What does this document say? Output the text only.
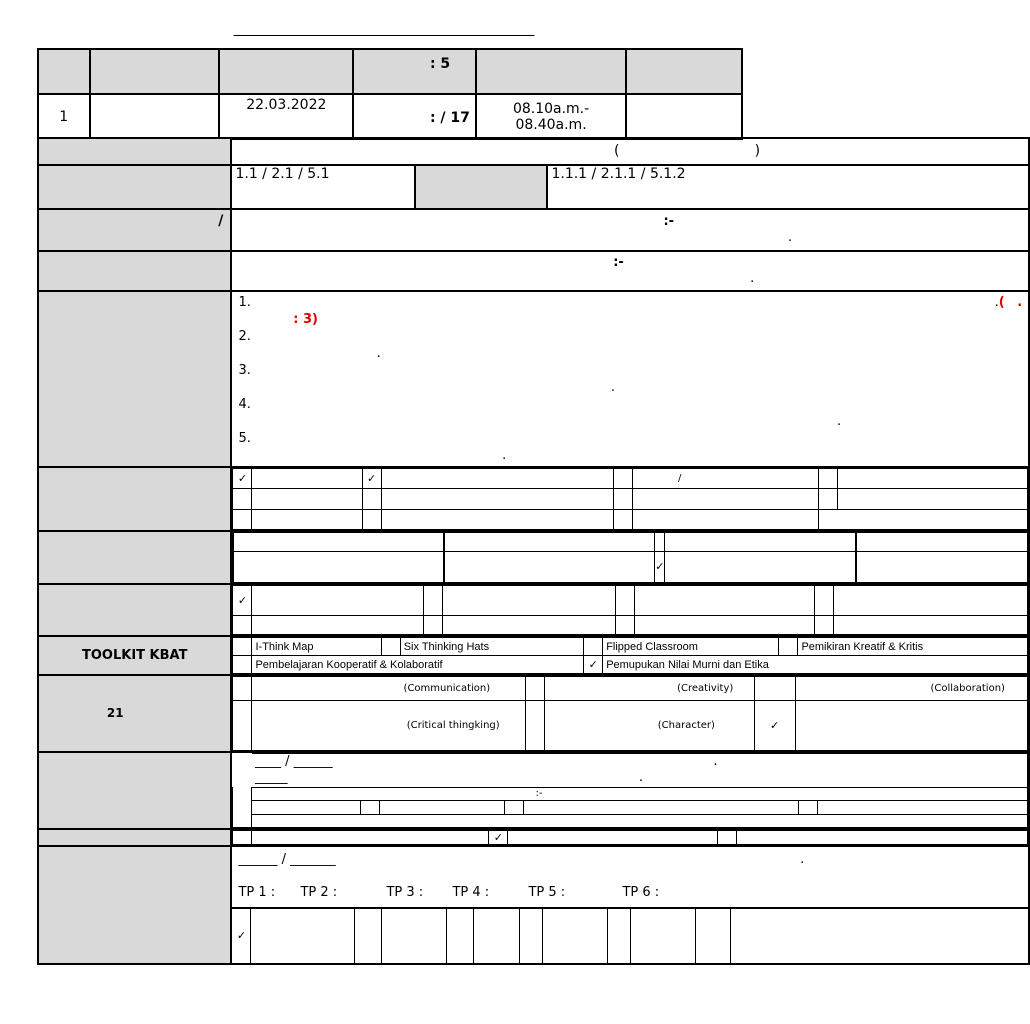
ᅟᅟᅟᅟ ᅟᅟᅟᅟᅟᅟᅟᅟᅟᅟᅟᅟᅟᅟ
ᅟᅟᅟ ᅟᅟ	ᅟᅟᅟᅟ	ᅟᅟᅟᅟ	ᅟᅟᅟᅟᅟ : 5
ᅟᅟᅟᅟᅟ	ᅟᅟᅟᅟᅟ	ᅟᅟᅟᅟᅟ
1	ᅟᅟᅟᅟᅟᅟᅟᅟᅟ	22.03.2022	ᅟᅟᅟᅟᅟ : / 17	08.10a.m.- 08.40a.m.	ᅟᅟᅟᅟᅟᅟᅟᅟ ᅟᅟ
ᅟᅟᅟᅟᅟᅟᅟᅟ	ᅟᅟᅟᅟᅟᅟᅟᅟᅟᅟᅟ ᅟᅟᅟᅟᅟᅟᅟᅟ ᅟᅟᅟᅟᅟᅟᅟᅟ (ᅟᅟᅟᅟᅟᅟᅟᅟᅟᅟ)
ᅟᅟᅟᅟᅟᅟᅟᅟᅟᅟᅟᅟᅟᅟ ᅟᅟᅟ	
1.1 / 2.1 / 5.1	ᅟᅟᅟᅟᅟᅟᅟ ᅟᅟᅟᅟᅟ	1.1.1 / 2.1.1 / 5.1.2

ᅟᅟᅟᅟᅟᅟᅟ ᅟᅟᅟᅟᅟ / ᅟᅟᅟᅟᅟᅟᅟᅟᅟ	ᅟᅟᅟᅟᅟᅟᅟ ᅟᅟᅟᅟᅟᅟᅟᅟᅟᅟᅟᅟᅟᅟ ᅟᅟᅟᅟᅟᅟᅟᅟᅟᅟᅟᅟ :-
ᅟᅟᅟᅟᅟᅟᅟᅟᅟ ᅟᅟᅟᅟᅟᅟᅟᅟᅟᅟᅟ ᅟᅟᅟᅟᅟᅟᅟᅟᅟᅟᅟᅟᅟᅟᅟ ᅟᅟᅟᅟᅟᅟᅟᅟ.
ᅟᅟᅟᅟᅟᅟᅟᅟ ᅟᅟᅟᅟᅟᅟᅟᅟᅟᅟ	ᅟᅟᅟᅟᅟᅟᅟ ᅟᅟᅟᅟᅟᅟᅟᅟᅟᅟᅟᅟ ᅟᅟᅟᅟᅟᅟᅟᅟᅟᅟ :-
ᅟᅟᅟᅟᅟᅟᅟ ᅟᅟᅟᅟᅟᅟᅟᅟᅟᅟ ᅟᅟᅟᅟᅟᅟᅟᅟᅟᅟᅟᅟᅟᅟᅟ ᅟᅟᅟᅟᅟᅟᅟᅟ.
ᅟᅟᅟᅟᅟᅟᅟᅟᅟᅟᅟ	
1.ᅟᅟᅟᅟᅟᅟᅟᅟᅟ ᅟᅟᅟᅟᅟᅟᅟᅟᅟᅟᅟ ᅟᅟᅟᅟᅟᅟᅟᅟᅟ ᅟᅟᅟᅟᅟᅟᅟᅟᅟᅟᅟᅟᅟᅟᅟᅟ ᅟᅟᅟᅟᅟᅟᅟᅟᅟᅟ.(ᅟ.ᅟᅟᅟᅟ : 3)
2.ᅟᅟᅟᅟᅟᅟᅟᅟᅟᅟᅟᅟᅟᅟ ᅟᅟᅟᅟᅟᅟᅟᅟᅟ ᅟᅟᅟᅟᅟᅟᅟᅟᅟᅟᅟᅟᅟᅟᅟᅟ ᅟᅟᅟᅟᅟᅟᅟᅟᅟ ᅟᅟᅟᅟᅟᅟ ᅟᅟᅟᅟᅟ ᅟᅟᅟᅟᅟᅟᅟᅟᅟᅟᅟ.
3. ᅟᅟᅟᅟᅟᅟ ᅟᅟᅟᅟᅟᅟ ᅟᅟᅟᅟᅟᅟᅟᅟ ᅟᅟᅟᅟᅟᅟ ᅟᅟᅟᅟᅟᅟ ᅟᅟᅟᅟᅟᅟ ᅟᅟᅟᅟᅟᅟᅟ ᅟᅟᅟᅟᅟᅟᅟᅟᅟᅟ ᅟᅟᅟᅟᅟᅟᅟᅟᅟᅟᅟᅟᅟᅟᅟ ᅟᅟᅟᅟᅟᅟᅟ ᅟᅟᅟᅟᅟᅟᅟ.
4.ᅟᅟᅟᅟᅟᅟᅟᅟᅟᅟᅟ ᅟᅟᅟᅟᅟᅟᅟᅟᅟᅟᅟᅟ ᅟᅟᅟᅟᅟᅟᅟᅟᅟᅟᅟᅟᅟᅟᅟᅟᅟᅟᅟᅟ ᅟᅟᅟᅟ ᅟᅟᅟᅟᅟᅟᅟᅟᅟ ᅟᅟᅟᅟᅟᅟᅟᅟᅟᅟᅟᅟᅟᅟᅟᅟᅟᅟᅟᅟᅟᅟ ᅟᅟᅟᅟᅟᅟᅟᅟᅟᅟᅟᅟᅟᅟᅟᅟᅟ ᅟᅟᅟᅟᅟᅟᅟᅟ.
5.ᅟᅟᅟᅟᅟᅟᅟᅟᅟᅟ ᅟᅟᅟᅟᅟᅟᅟᅟᅟ ᅟᅟᅟᅟᅟᅟᅟᅟᅟᅟᅟᅟᅟ ᅟᅟᅟᅟ ᅟᅟᅟᅟᅟᅟᅟᅟᅟᅟ ᅟᅟᅟᅟᅟᅟᅟᅟᅟᅟᅟᅟᅟᅟᅟᅟᅟᅟᅟᅟᅟ.

ᅟᅟᅟᅟᅟ ᅟᅟᅟᅟᅟᅟᅟ ᅟᅟᅟᅟᅟᅟᅟᅟᅟᅟ	
✓	ᅟᅟᅟᅟᅟᅟᅟᅟ	✓	ᅟᅟᅟᅟᅟᅟᅟᅟᅟᅟᅟᅟ ᅟᅟᅟᅟᅟᅟ		ᅟᅟᅟᅟ / ᅟᅟᅟ		ᅟᅟᅟᅟᅟ ᅟᅟᅟᅟᅟᅟᅟᅟᅟ
	ᅟᅟᅟᅟᅟᅟᅟ		ᅟᅟᅟᅟᅟ ᅟᅟᅟᅟ ᅟᅟᅟᅟᅟᅟᅟᅟᅟᅟ		ᅟᅟᅟᅟᅟᅟᅟᅟᅟᅟᅟᅟᅟᅟ		ᅟᅟᅟᅟᅟᅟᅟ
	ᅟᅟᅟᅟᅟᅟ		ᅟᅟᅟᅟᅟᅟᅟᅟᅟᅟᅟᅟ		ᅟᅟᅟᅟᅟᅟᅟᅟᅟᅟᅟ	ᅟᅟᅟᅟ

ᅟᅟᅟᅟᅟᅟ ᅟᅟᅟᅟᅟᅟᅟᅟᅟᅟᅟ ᅟᅟᅟᅟᅟᅟ	
	ᅟᅟᅟᅟᅟᅟᅟ ᅟᅟᅟᅟᅟᅟᅟᅟᅟᅟᅟᅟᅟᅟᅟ		ᅟᅟᅟᅟᅟᅟᅟᅟᅟᅟᅟᅟ		ᅟᅟᅟᅟᅟᅟᅟᅟᅟᅟᅟᅟᅟᅟᅟᅟᅟᅟᅟ		ᅟᅟᅟᅟᅟᅟᅟᅟᅟᅟᅟᅟᅟᅟᅟᅟᅟ
	ᅟᅟᅟᅟᅟᅟᅟᅟᅟᅟᅟᅟᅟᅟᅟᅟᅟᅟᅟᅟᅟ		ᅟᅟᅟᅟᅟᅟᅟᅟᅟᅟᅟᅟᅟᅟᅟᅟᅟᅟᅟᅟᅟ	✓	ᅟᅟᅟ ᅟᅟᅟᅟᅟᅟᅟᅟᅟᅟᅟᅟ ᅟᅟᅟᅟᅟᅟ		ᅟᅟᅟᅟᅟᅟᅟᅟᅟᅟᅟᅟᅟᅟ ᅟᅟᅟᅟᅟᅟ

ᅟᅟᅟᅟᅟᅟᅟᅟᅟᅟᅟᅟᅟ ᅟᅟᅟᅟᅟᅟᅟ	
✓	ᅟᅟᅟᅟᅟᅟᅟ ᅟᅟᅟᅟᅟᅟᅟᅟᅟᅟᅟᅟᅟᅟᅟᅟ		ᅟᅟᅟᅟᅟᅟᅟᅟᅟᅟᅟᅟᅟᅟᅟᅟ ᅟᅟᅟᅟᅟ		ᅟᅟᅟᅟᅟᅟᅟᅟ ᅟᅟᅟᅟᅟᅟᅟᅟᅟᅟᅟᅟᅟ		ᅟᅟᅟᅟᅟᅟᅟᅟᅟᅟᅟ ᅟᅟᅟᅟᅟᅟᅟᅟᅟᅟᅟᅟᅟᅟᅟᅟ
	ᅟᅟᅟᅟ		ᅟᅟᅟᅟᅟᅟᅟᅟᅟᅟᅟᅟᅟᅟᅟᅟ		ᅟᅟᅟᅟᅟᅟᅟᅟᅟᅟᅟᅟᅟᅟᅟᅟᅟ		ᅟᅟᅟᅟᅟᅟᅟᅟᅟᅟᅟᅟᅟᅟᅟᅟ

TOOLKIT KBAT	
	I-Think Map		Six Thinking Hats		Flipped Classroom		Pemikiran Kreatif & Kritis
	Pembelajaran Kooperatif & Kolaboratif	✓	Pemupukan Nilai Murni dan Etika

ᅟᅟᅟᅟᅟᅟᅟ ᅟᅟᅟᅟᅟᅟᅟᅟᅟᅟᅟᅟᅟᅟᅟᅟ 21 ᅟᅟᅟ ᅟᅟᅟᅟᅟᅟᅟᅟᅟᅟᅟᅟ ᅟᅟᅟᅟᅟᅟᅟ	
	ᅟᅟᅟᅟᅟᅟᅟᅟᅟᅟᅟᅟᅟᅟᅟ (Communication)		ᅟᅟᅟᅟᅟᅟᅟᅟᅟᅟᅟᅟᅟ (Creativity)		ᅟᅟᅟᅟᅟᅟᅟ ᅟᅟᅟᅟᅟᅟ (Collaboration)
	ᅟᅟᅟᅟᅟᅟᅟᅟ ᅟᅟᅟᅟᅟᅟᅟ (Critical thingking)		ᅟᅟᅟᅟᅟᅟᅟᅟᅟᅟᅟ (Character)	✓	ᅟᅟᅟᅟᅟᅟᅟ ᅟᅟᅟᅟᅟᅟ

ᅟᅟᅟᅟᅟᅟᅟ ᅟᅟᅟᅟᅟᅟ	
	____ / ______ ᅟᅟᅟᅟᅟᅟᅟᅟᅟ ᅟᅟᅟᅟᅟᅟ ᅟᅟᅟᅟᅟ ᅟᅟᅟᅟᅟᅟᅟᅟᅟ.
_____ ᅟᅟᅟᅟᅟᅟᅟᅟᅟ ᅟᅟᅟᅟᅟᅟᅟᅟᅟᅟ ᅟᅟᅟᅟᅟᅟᅟᅟ.
	ᅟᅟᅟᅟᅟ ᅟᅟᅟᅟᅟᅟᅟᅟᅟᅟᅟ ᅟᅟᅟᅟᅟᅟᅟᅟᅟᅟᅟᅟ :-
	ᅟᅟᅟᅟᅟᅟ		ᅟᅟᅟᅟᅟᅟᅟ		ᅟᅟᅟᅟᅟᅟᅟ ᅟᅟᅟᅟᅟᅟᅟᅟᅟ		ᅟᅟᅟᅟᅟ ᅟᅟᅟᅟᅟᅟᅟ
	ᅟᅟᅟᅟᅟᅟᅟᅟᅟᅟᅟᅟ ᅟᅟᅟᅟᅟᅟᅟᅟᅟᅟᅟ ᅟᅟᅟᅟᅟᅟᅟᅟᅟᅟ ᅟᅟᅟᅟᅟᅟᅟᅟᅟᅟᅟ

ᅟᅟᅟᅟᅟᅟᅟᅟᅟᅟ	
		ᅟᅟᅟᅟᅟᅟᅟᅟ	✓	ᅟᅟᅟᅟᅟᅟᅟ		ᅟᅟᅟᅟᅟᅟᅟᅟᅟᅟ

______ / _______ ᅟᅟᅟᅟᅟᅟᅟᅟᅟ ᅟᅟᅟᅟᅟᅟᅟᅟᅟ ᅟᅟᅟᅟᅟᅟᅟᅟᅟᅟᅟᅟᅟᅟᅟᅟᅟᅟ.
TP 1 :	TP 2 :	TP 3 :	TP 4 :	TP 5 :	TP 6 :
✓	ᅟᅟᅟᅟᅟᅟᅟ ᅟᅟᅟᅟ ᅟᅟᅟᅟᅟᅟᅟᅟᅟᅟ ᅟᅟᅟᅟ		ᅟᅟᅟᅟᅟᅟ ᅟᅟ		ᅟᅟᅟᅟ ᅟᅟ		ᅟᅟᅟᅟᅟᅟ		ᅟᅟᅟᅟᅟᅟ		ᅟᅟᅟᅟ ᅟᅟᅟᅟᅟᅟᅟ ᅟᅟᅟ
